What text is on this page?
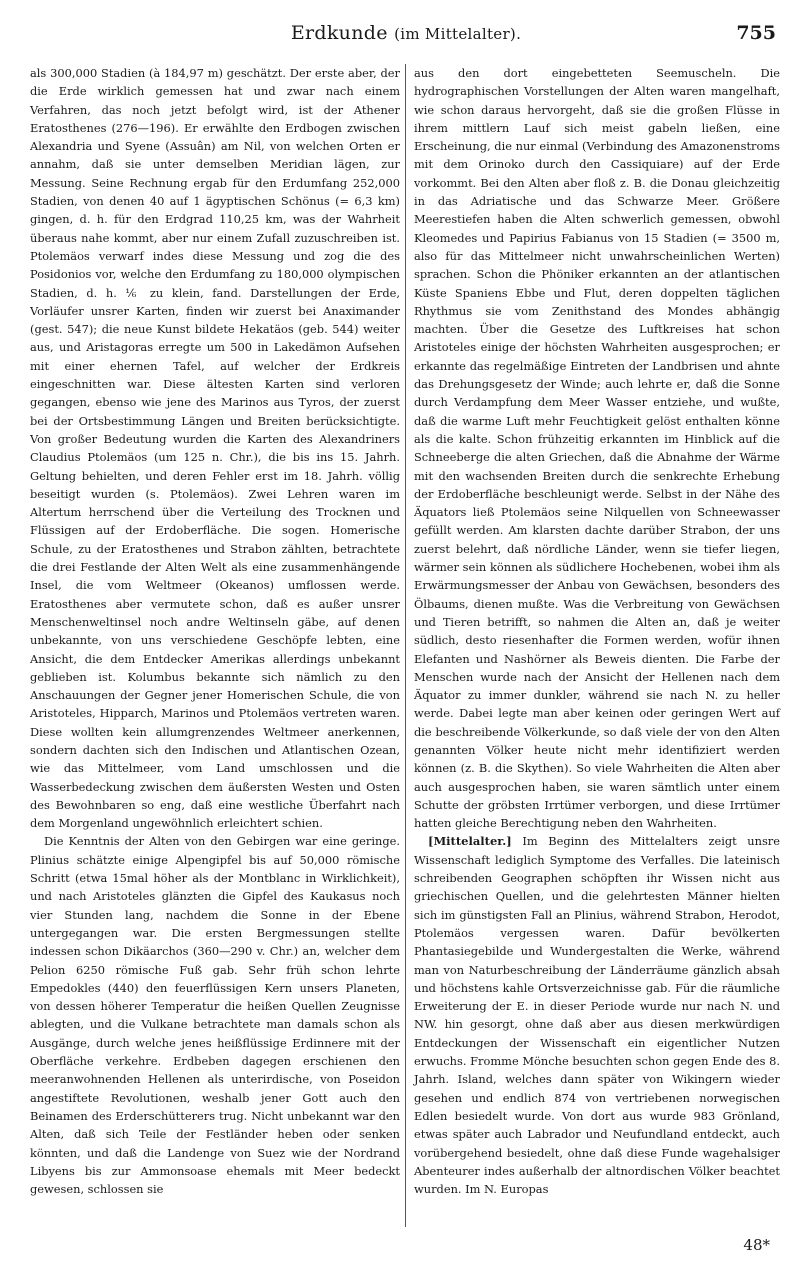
Erdkunde (im Mittelalter).	755

als 300,000 Stadien (à 184,97 m) geschätzt. Der erste aber, der die Erde wirklich gemessen hat und zwar nach einem Verfahren, das noch jetzt befolgt wird, ist der Athener Eratosthenes (276—196). Er erwählte den Erdbogen zwischen Alexandria und Syene (Assuân) am Nil, von welchen Orten er annahm, daß sie unter demselben Meridian lägen, zur Messung. Seine Rechnung ergab für den Erdumfang 252,000 Stadien, von denen 40 auf 1 ägyptischen Schönus (= 6,3 km) gingen, d. h. für den Erdgrad 110,25 km, was der Wahrheit überaus nahe kommt, aber nur einem Zufall zuzuschreiben ist. Ptolemäos verwarf indes diese Messung und zog die des Posidonios vor, welche den Erdumfang zu 180,000 olympischen Stadien, d. h. ⅙ zu klein, fand. Darstellungen der Erde, Vorläufer unsrer Karten, finden wir zuerst bei Anaximander (gest. 547); die neue Kunst bildete Hekatäos (geb. 544) weiter aus, und Aristagoras erregte um 500 in Lakedämon Aufsehen mit einer ehernen Tafel, auf welcher der Erdkreis eingeschnitten war. Diese ältesten Karten sind verloren gegangen, ebenso wie jene des Marinos aus Tyros, der zuerst bei der Ortsbestimmung Längen und Breiten berücksichtigte. Von großer Bedeutung wurden die Karten des Alexandriners Claudius Ptolemäos (um 125 n. Chr.), die bis ins 15. Jahrh. Geltung behielten, und deren Fehler erst im 18. Jahrh. völlig beseitigt wurden (s. Ptolemäos). Zwei Lehren waren im Altertum herrschend über die Verteilung des Trocknen und Flüssigen auf der Erdoberfläche. Die sogen. Homerische Schule, zu der Eratosthenes und Strabon zählten, betrachtete die drei Festlande der Alten Welt als eine zusammenhängende Insel, die vom Weltmeer (Okeanos) umflossen werde. Eratosthenes aber vermutete schon, daß es außer unsrer Menschenweltinsel noch andre Weltinseln gäbe, auf denen unbekannte, von uns verschiedene Geschöpfe lebten, eine Ansicht, die dem Entdecker Amerikas allerdings unbekannt geblieben ist. Kolumbus bekannte sich nämlich zu den Anschauungen der Gegner jener Homerischen Schule, die von Aristoteles, Hipparch, Marinos und Ptolemäos vertreten waren. Diese wollten kein allumgrenzendes Weltmeer anerkennen, sondern dachten sich den Indischen und Atlantischen Ozean, wie das Mittelmeer, vom Land umschlossen und die Wasserbedeckung zwischen dem äußersten Westen und Osten des Bewohnbaren so eng, daß eine westliche Überfahrt nach dem Morgenland ungewöhnlich erleichtert schien.

Die Kenntnis der Alten von den Gebirgen war eine geringe. Plinius schätzte einige Alpengipfel bis auf 50,000 römische Schritt (etwa 15mal höher als der Montblanc in Wirklichkeit), und nach Aristoteles glänzten die Gipfel des Kaukasus noch vier Stunden lang, nachdem die Sonne in der Ebene untergegangen war. Die ersten Bergmessungen stellte indessen schon Dikäarchos (360—290 v. Chr.) an, welcher dem Pelion 6250 römische Fuß gab. Sehr früh schon lehrte Empedokles (440) den feuerflüssigen Kern unsers Planeten, von dessen höherer Temperatur die heißen Quellen Zeugnisse ablegten, und die Vulkane betrachtete man damals schon als Ausgänge, durch welche jenes heißflüssige Erdinnere mit der Oberfläche verkehre. Erdbeben dagegen erschienen den meeranwohnenden Hellenen als unterirdische, von Poseidon angestiftete Revolutionen, weshalb jener Gott auch den Beinamen des Erderschütterers trug. Nicht unbekannt war den Alten, daß sich Teile der Festländer heben oder senken könnten, und daß die Landenge von Suez wie der Nordrand Libyens bis zur Ammonsoase ehemals mit Meer bedeckt gewesen, schlossen sie

aus den dort eingebetteten Seemuscheln. Die hydrographischen Vorstellungen der Alten waren mangelhaft, wie schon daraus hervorgeht, daß sie die großen Flüsse in ihrem mittlern Lauf sich meist gabeln ließen, eine Erscheinung, die nur einmal (Verbindung des Amazonenstroms mit dem Orinoko durch den Cassiquiare) auf der Erde vorkommt. Bei den Alten aber floß z. B. die Donau gleichzeitig in das Adriatische und das Schwarze Meer. Größere Meerestiefen haben die Alten schwerlich gemessen, obwohl Kleomedes und Papirius Fabianus von 15 Stadien (= 3500 m, also für das Mittelmeer nicht unwahrscheinlichen Werten) sprachen. Schon die Phöniker erkannten an der atlantischen Küste Spaniens Ebbe und Flut, deren doppelten täglichen Rhythmus sie vom Zenithstand des Mondes abhängig machten. Über die Gesetze des Luftkreises hat schon Aristoteles einige der höchsten Wahrheiten ausgesprochen; er erkannte das regelmäßige Eintreten der Landbrisen und ahnte das Drehungsgesetz der Winde; auch lehrte er, daß die Sonne durch Verdampfung dem Meer Wasser entziehe, und wußte, daß die warme Luft mehr Feuchtigkeit gelöst enthalten könne als die kalte. Schon frühzeitig erkannten im Hinblick auf die Schneeberge die alten Griechen, daß die Abnahme der Wärme mit den wachsenden Breiten durch die senkrechte Erhebung der Erdoberfläche beschleunigt werde. Selbst in der Nähe des Äquators ließ Ptolemäos seine Nilquellen von Schneewasser gefüllt werden. Am klarsten dachte darüber Strabon, der uns zuerst belehrt, daß nördliche Länder, wenn sie tiefer liegen, wärmer sein können als südlichere Hochebenen, wobei ihm als Erwärmungsmesser der Anbau von Gewächsen, besonders des Ölbaums, dienen mußte. Was die Verbreitung von Gewächsen und Tieren betrifft, so nahmen die Alten an, daß je weiter südlich, desto riesenhafter die Formen werden, wofür ihnen Elefanten und Nashörner als Beweis dienten. Die Farbe der Menschen wurde nach der Ansicht der Hellenen nach dem Äquator zu immer dunkler, während sie nach N. zu heller werde. Dabei legte man aber keinen oder geringen Wert auf die beschreibende Völkerkunde, so daß viele der von den Alten genannten Völker heute nicht mehr identifiziert werden können (z. B. die Skythen). So viele Wahrheiten die Alten aber auch ausgesprochen haben, sie waren sämtlich unter einem Schutte der gröbsten Irrtümer verborgen, und diese Irrtümer hatten gleiche Berechtigung neben den Wahrheiten.

[Mittelalter.] Im Beginn des Mittelalters zeigt unsre Wissenschaft lediglich Symptome des Verfalles. Die lateinisch schreibenden Geographen schöpften ihr Wissen nicht aus griechischen Quellen, und die gelehrtesten Männer hielten sich im günstigsten Fall an Plinius, während Strabon, Herodot, Ptolemäos vergessen waren. Dafür bevölkerten Phantasiegebilde und Wundergestalten die Werke, während man von Naturbeschreibung der Länderräume gänzlich absah und höchstens kahle Ortsverzeichnisse gab. Für die räumliche Erweiterung der E. in dieser Periode wurde nur nach N. und NW. hin gesorgt, ohne daß aber aus diesen merkwürdigen Entdeckungen der Wissenschaft ein eigentlicher Nutzen erwuchs. Fromme Mönche besuchten schon gegen Ende des 8. Jahrh. Island, welches dann später von Wikingern wieder gesehen und endlich 874 von vertriebenen norwegischen Edlen besiedelt wurde. Von dort aus wurde 983 Grönland, etwas später auch Labrador und Neufundland entdeckt, auch vorübergehend besiedelt, ohne daß diese Funde wagehalsiger Abenteurer indes außerhalb der altnordischen Völker beachtet wurden. Im N. Europas

48*
